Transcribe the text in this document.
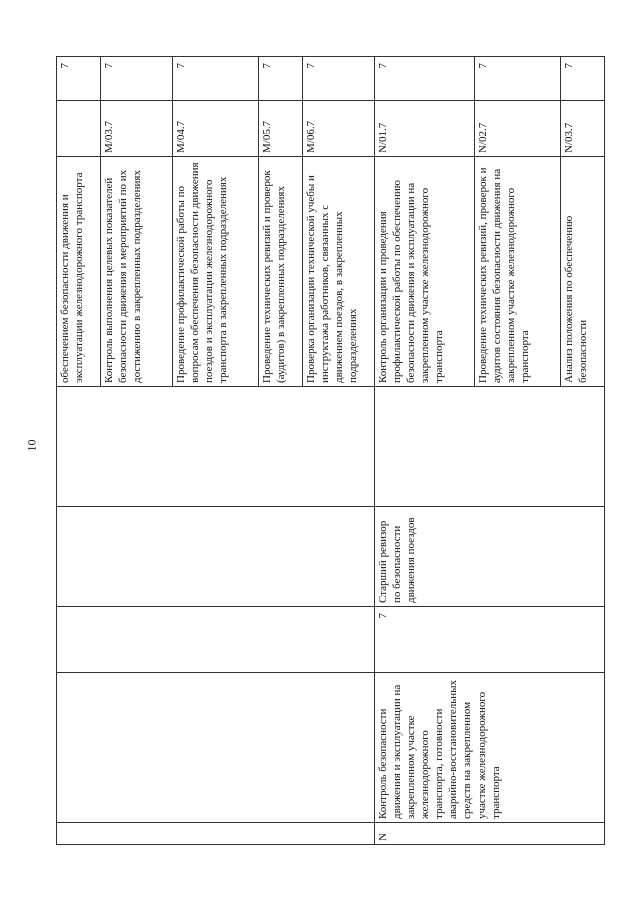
10
					обеспечением безопасности движения и эксплуатации железнодорожного транспорта		7
					Контроль выполнения целевых показателей безопасности движения и мероприятий по их достижению в закрепленных подразделениях	M/03.7	7
					Проведение профилактической работы по вопросам обеспечения безопасности движения поездов и эксплуатации железнодорожного транспорта в закрепленных подразделениях	M/04.7	7
					Проведение технических ревизий и проверок (аудитов) в закрепленных подразделениях	M/05.7	7
					Проверка организации технической учебы и инструктажа работников, связанных с движением поездов, в закрепленных подразделениях	M/06.7	7
N	Контроль безопасности движения и эксплуатации на закрепленном участке железнодорожного транспорта, готовности аварийно-восстановительных средств на закрепленном участке железнодорожного транспорта	7	Старший ревизор по безопасности движения поездов		Контроль организации и проведения профилактической работы по обеспечению безопасности движения и эксплуатации на закрепленном участке железнодорожного транспорта	N/01.7	7
					Проведение технических ревизий, проверок и аудитов состояния безопасности движения на закрепленном участке железнодорожного транспорта	N/02.7	7
					Анализ положения по обеспечению безопасности	N/03.7	7
